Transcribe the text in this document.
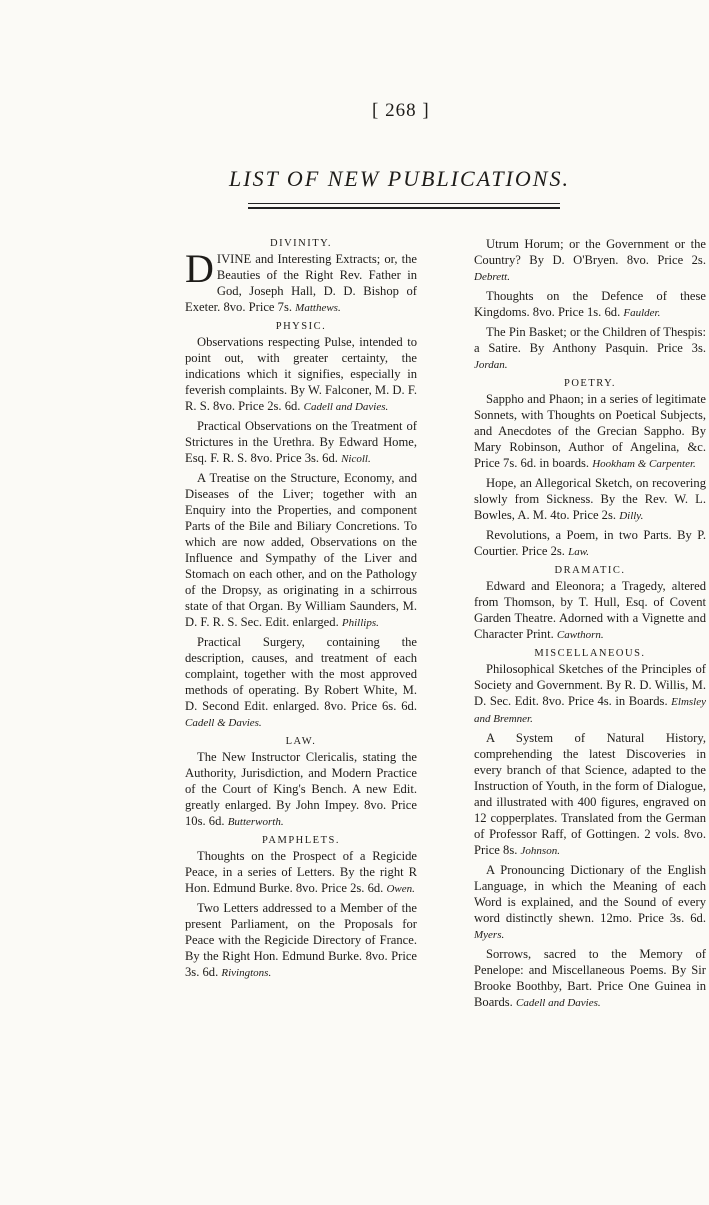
[ 268 ]
LIST OF NEW PUBLICATIONS.

DIVINITY.

DIVINE and Interesting Extracts; or, the Beauties of the Right Rev. Father in God, Joseph Hall, D. D. Bishop of Exeter. 8vo. Price 7s. Matthews.

PHYSIC.

Observations respecting Pulse, intended to point out, with greater certainty, the indications which it signifies, especially in feverish complaints. By W. Falconer, M. D. F. R. S. 8vo. Price 2s. 6d. Cadell and Davies.

Practical Observations on the Treatment of Strictures in the Urethra. By Edward Home, Esq. F. R. S. 8vo. Price 3s. 6d. Nicoll.

A Treatise on the Structure, Economy, and Diseases of the Liver; together with an Enquiry into the Properties, and component Parts of the Bile and Biliary Concretions. To which are now added, Observations on the Influence and Sympathy of the Liver and Stomach on each other, and on the Pathology of the Dropsy, as originating in a schirrous state of that Organ. By William Saunders, M. D. F. R. S. Sec. Edit. enlarged. Phillips.

Practical Surgery, containing the description, causes, and treatment of each complaint, together with the most approved methods of operating. By Robert White, M. D. Second Edit. enlarged. 8vo. Price 6s. 6d. Cadell & Davies.

LAW.

The New Instructor Clericalis, stating the Authority, Jurisdiction, and Modern Practice of the Court of King's Bench. A new Edit. greatly enlarged. By John Impey. 8vo. Price 10s. 6d. Butterworth.

PAMPHLETS.

Thoughts on the Prospect of a Regicide Peace, in a series of Letters. By the right R Hon. Edmund Burke. 8vo. Price 2s. 6d. Owen.

Two Letters addressed to a Member of the present Parliament, on the Proposals for Peace with the Regicide Directory of France. By the Right Hon. Edmund Burke. 8vo. Price 3s. 6d. Rivingtons.

Utrum Horum; or the Government or the Country? By D. O'Bryen. 8vo. Price 2s. Debrett.

Thoughts on the Defence of these Kingdoms. 8vo. Price 1s. 6d. Faulder.

The Pin Basket; or the Children of Thespis: a Satire. By Anthony Pasquin. Price 3s. Jordan.

POETRY.

Sappho and Phaon; in a series of legitimate Sonnets, with Thoughts on Poetical Subjects, and Anecdotes of the Grecian Sappho. By Mary Robinson, Author of Angelina, &c. Price 7s. 6d. in boards. Hookham & Carpenter.

Hope, an Allegorical Sketch, on recovering slowly from Sickness. By the Rev. W. L. Bowles, A. M. 4to. Price 2s. Dilly.

Revolutions, a Poem, in two Parts. By P. Courtier. Price 2s. Law.

DRAMATIC.

Edward and Eleonora; a Tragedy, altered from Thomson, by T. Hull, Esq. of Covent Garden Theatre. Adorned with a Vignette and Character Print. Cawthorn.

MISCELLANEOUS.

Philosophical Sketches of the Principles of Society and Government. By R. D. Willis, M. D. Sec. Edit. 8vo. Price 4s. in Boards. Elmsley and Bremner.

A System of Natural History, comprehending the latest Discoveries in every branch of that Science, adapted to the Instruction of Youth, in the form of Dialogue, and illustrated with 400 figures, engraved on 12 copperplates. Translated from the German of Professor Raff, of Gottingen. 2 vols. 8vo. Price 8s. Johnson.

A Pronouncing Dictionary of the English Language, in which the Meaning of each Word is explained, and the Sound of every word distinctly shewn. 12mo. Price 3s. 6d. Myers.

Sorrows, sacred to the Memory of Penelope: and Miscellaneous Poems. By Sir Brooke Boothby, Bart. Price One Guinea in Boards. Cadell and Davies.
